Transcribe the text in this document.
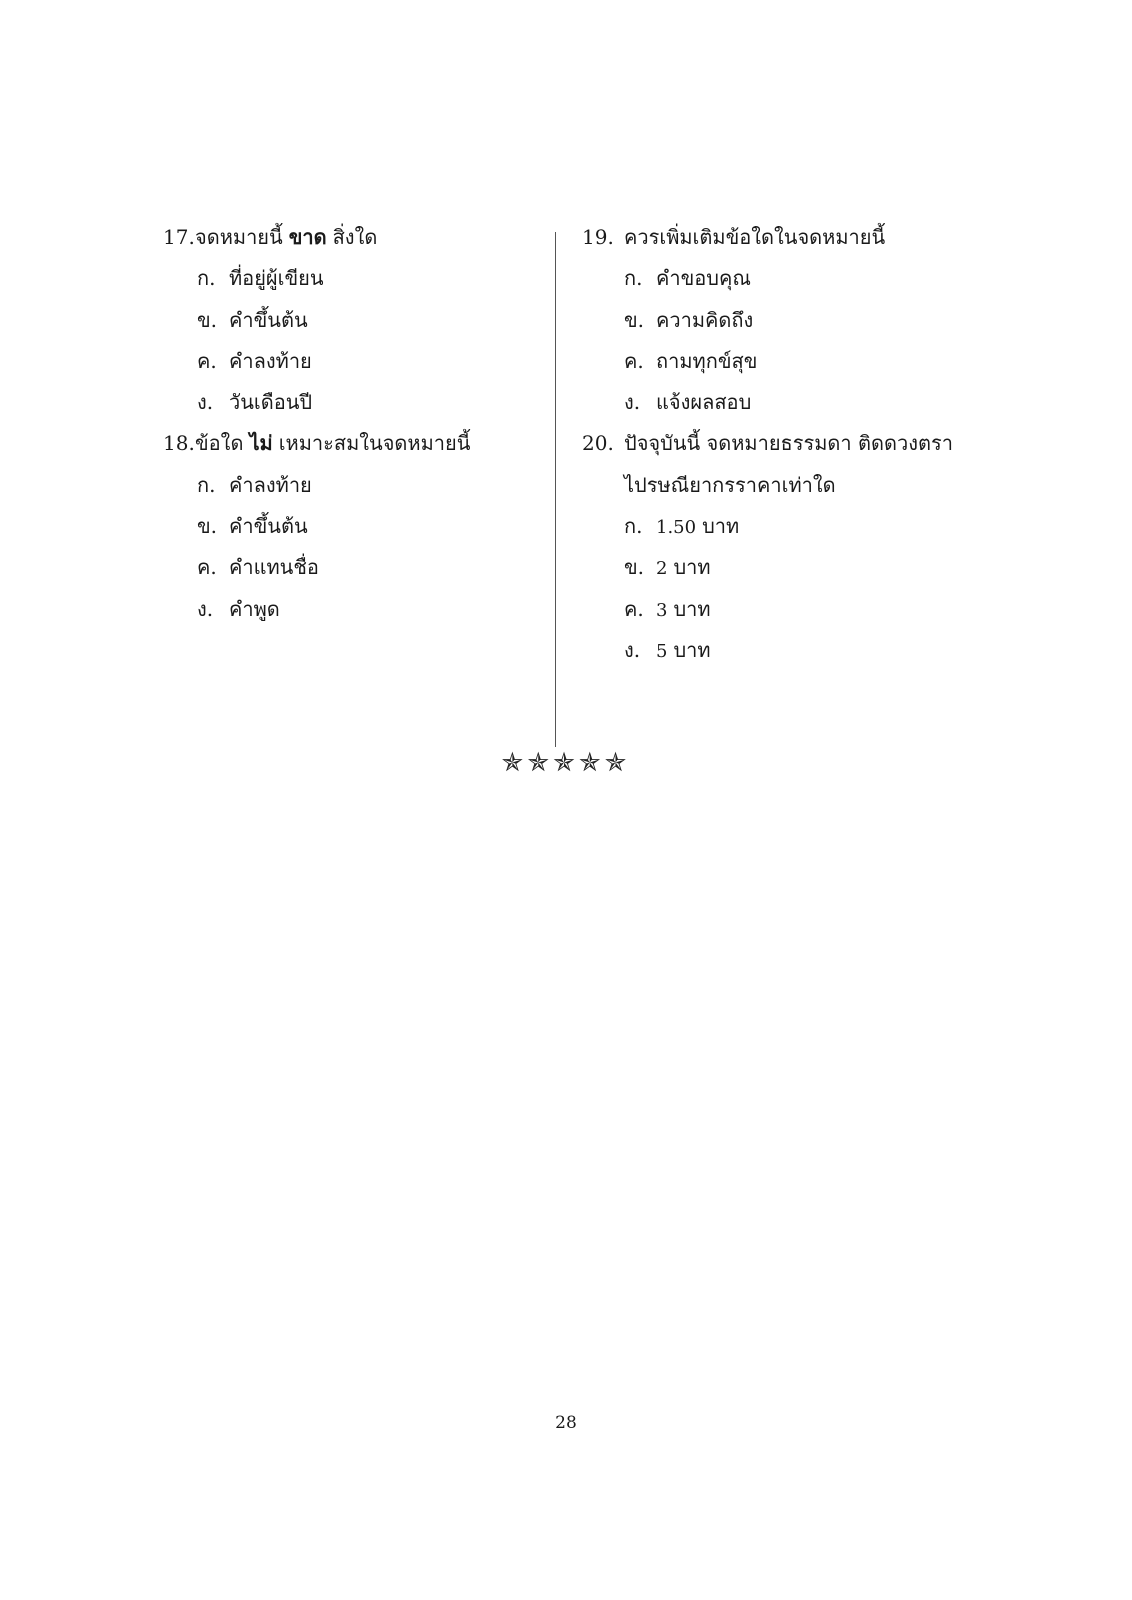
17. จดหมายนี้ ขาด สิ่งใด
ก. ที่อยู่ผู้เขียน
ข. คำขึ้นต้น
ค. คำลงท้าย
ง. วันเดือนปี
18. ข้อใด ไม่ เหมาะสมในจดหมายนี้
ก. คำลงท้าย
ข. คำขึ้นต้น
ค. คำแทนชื่อ
ง. คำพูด
19. ควรเพิ่มเติมข้อใดในจดหมายนี้
ก. คำขอบคุณ
ข. ความคิดถึง
ค. ถามทุกข์สุข
ง. แจ้งผลสอบ
20. ปัจจุบันนี้ จดหมายธรรมดา ติดดวงตรา
ไปรษณียากรราคาเท่าใด
ก. 1.50 บาท
ข. 2 บาท
ค. 3 บาท
ง. 5 บาท
✯✯✯✯✯
28
